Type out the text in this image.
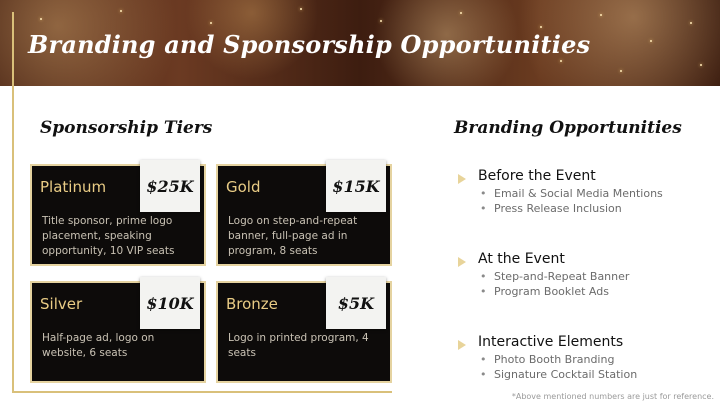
Branding and Sponsorship Opportunities
Sponsorship Tiers
Platinum
Title sponsor, prime logo placement, speaking opportunity, 10 VIP seats
$25K	Gold
Logo on step-and-repeat banner, full-page ad in program, 8 seats
$15K
Silver
Half-page ad, logo on website, 6 seats
$10K	Bronze
Logo in printed program, 4 seats
$5K
Branding Opportunities
Before the Event
• Email & Social Media Mentions
• Press Release Inclusion
At the Event
• Step-and-Repeat Banner
• Program Booklet Ads
Interactive Elements
• Photo Booth Branding
• Signature Cocktail Station
*Above mentioned numbers are just for reference.
